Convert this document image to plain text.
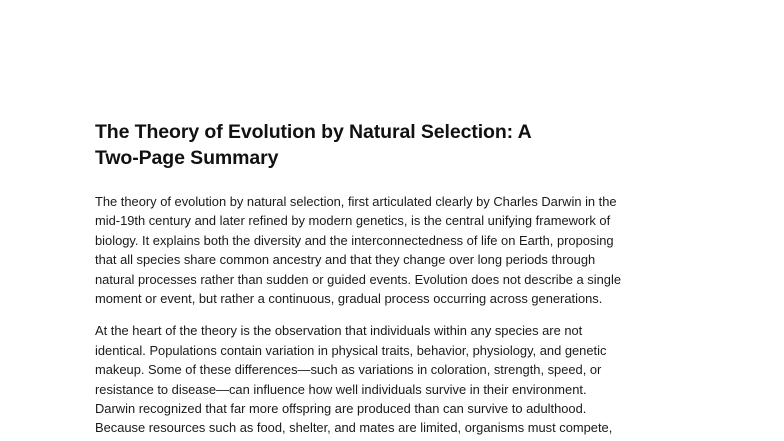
The Theory of Evolution by Natural Selection: A
Two-Page Summary

The theory of evolution by natural selection, first articulated clearly by Charles Darwin in the
mid-19th century and later refined by modern genetics, is the central unifying framework of
biology. It explains both the diversity and the interconnectedness of life on Earth, proposing
that all species share common ancestry and that they change over long periods through
natural processes rather than sudden or guided events. Evolution does not describe a single
moment or event, but rather a continuous, gradual process occurring across generations.

At the heart of the theory is the observation that individuals within any species are not
identical. Populations contain variation in physical traits, behavior, physiology, and genetic
makeup. Some of these differences—such as variations in coloration, strength, speed, or
resistance to disease—can influence how well individuals survive in their environment.
Darwin recognized that far more offspring are produced than can survive to adulthood.
Because resources such as food, shelter, and mates are limited, organisms must compete,
